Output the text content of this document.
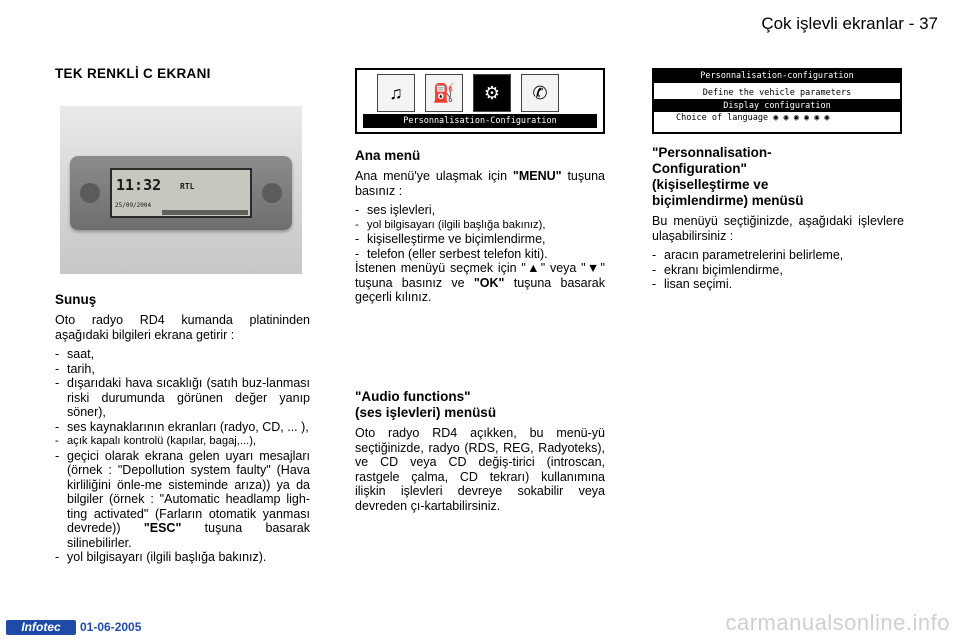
Çok işlevli ekranlar - 37
TEK RENKLİ C EKRANI
11:32
25/09/2004
RTL
Sunuş
Oto radyo RD4 kumanda platininden aşağıdaki bilgileri ekrana getirir :
- saat,
- tarih,
- dışarıdaki hava sıcaklığı (satıh buz-lanması riski durumunda görünen değer yanıp söner),
- ses kaynaklarının ekranları (radyo, CD, ... ),
- açık kapalı kontrolü (kapılar, bagaj,...),
- geçici olarak ekrana gelen uyarı mesajları (örnek : "Depollution system faulty" (Hava kirliliğini önle-me sisteminde arıza)) ya da bilgiler (örnek : "Automatic headlamp ligh-ting activated" (Farların otomatik yanması devrede)) "ESC" tuşuna basarak silinebilirler.
- yol bilgisayarı (ilgili başlığa bakınız).
♫	⛽	⚙	✆
Personnalisation-Configuration
Personnalisation-configuration
Define the vehicle parameters
Display configuration
Choice of language ◉ ◉ ◉ ◉ ◉ ◉
Ana menü
Ana menü'ye ulaşmak için "MENU" tuşuna basınız :
- ses işlevleri,
- yol bilgisayarı (ilgili başlığa bakınız),
- kişiselleştirme ve biçimlendirme,
- telefon (eller serbest telefon kiti).
İstenen menüyü seçmek için "▲" veya "▼" tuşuna basınız ve "OK" tuşuna basarak geçerli kılınız.
"Audio functions"
(ses işlevleri) menüsü
Oto radyo RD4 açıkken, bu menü-yü seçtiğinizde, radyo (RDS, REG, Radyoteks), ve CD veya CD değiş-tirici (introscan, rastgele çalma, CD tekrarı) kullanımına ilişkin işlevleri devreye sokabilir veya devreden çı-kartabilirsiniz.
"Personnalisation-
Configuration"
(kişiselleştirme ve
biçimlendirme) menüsü
Bu menüyü seçtiğinizde, aşağıdaki işlevlere ulaşabilirsiniz :
- aracın parametrelerini belirleme,
- ekranı biçimlendirme,
- lisan seçimi.
Infotec	01-06-2005	carmanualsonline.info
